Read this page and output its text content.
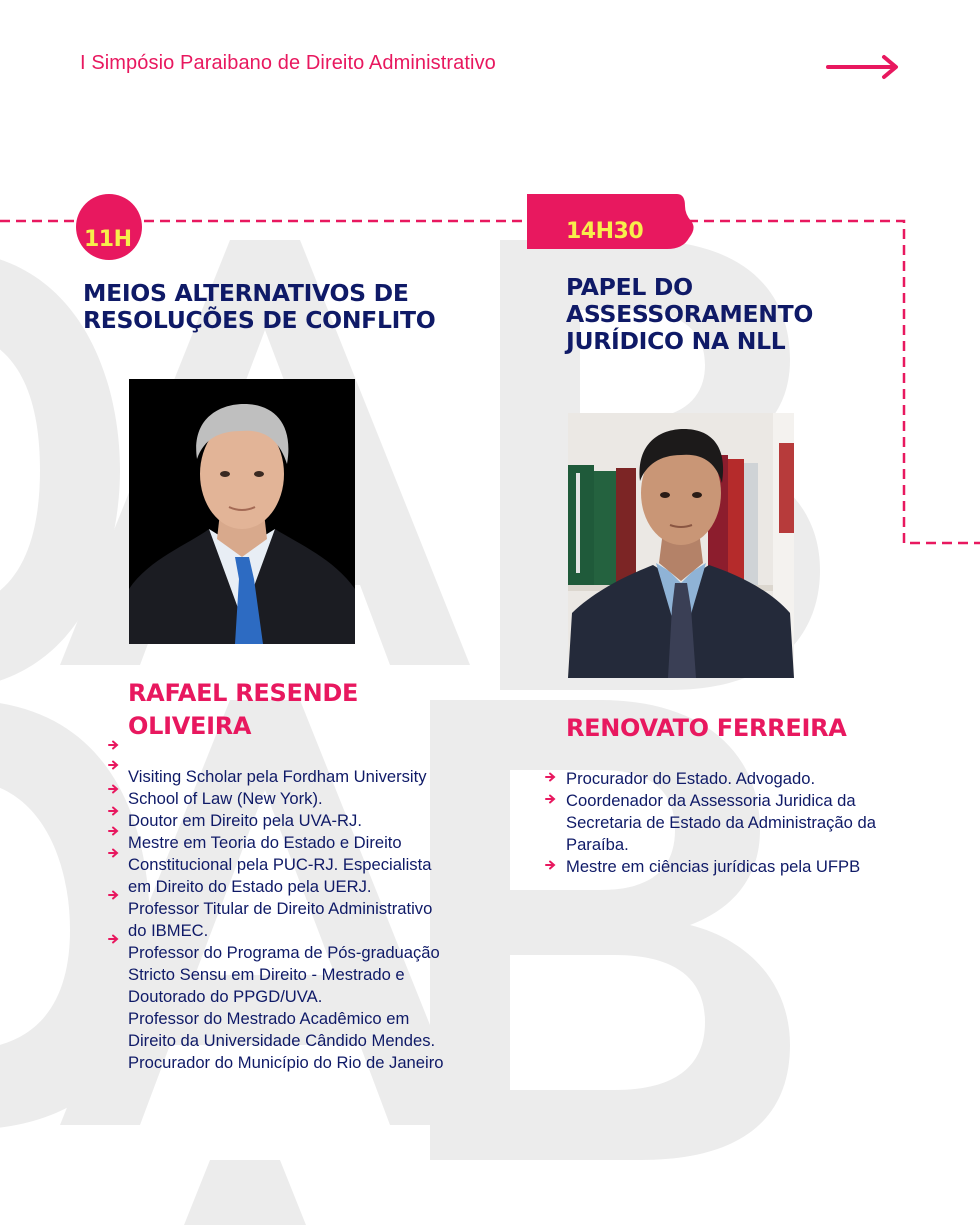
I Simpósio Paraibano de Direito Administrativo
11H
MEIOS ALTERNATIVOS DE
RESOLUÇÕES DE CONFLITO
RAFAEL RESENDE
OLIVEIRA
Visiting Scholar pela Fordham University
School of Law (New York).
Doutor em Direito pela UVA-RJ.
Mestre em Teoria do Estado e Direito
Constitucional pela PUC-RJ. Especialista
em Direito do Estado pela UERJ.
Professor Titular de Direito Administrativo
do IBMEC.
Professor do Programa de Pós-graduação
Stricto Sensu em Direito - Mestrado e
Doutorado do PPGD/UVA.
Professor do Mestrado Acadêmico em
Direito da Universidade Cândido Mendes.
Procurador do Município do Rio de Janeiro
14H30
PAPEL DO
ASSESSORAMENTO
JURÍDICO NA NLL
RENOVATO FERREIRA
Procurador do Estado. Advogado.
Coordenador da Assessoria Juridica da
Secretaria de Estado da Administração da
Paraíba.
Mestre em ciências jurídicas pela UFPB
